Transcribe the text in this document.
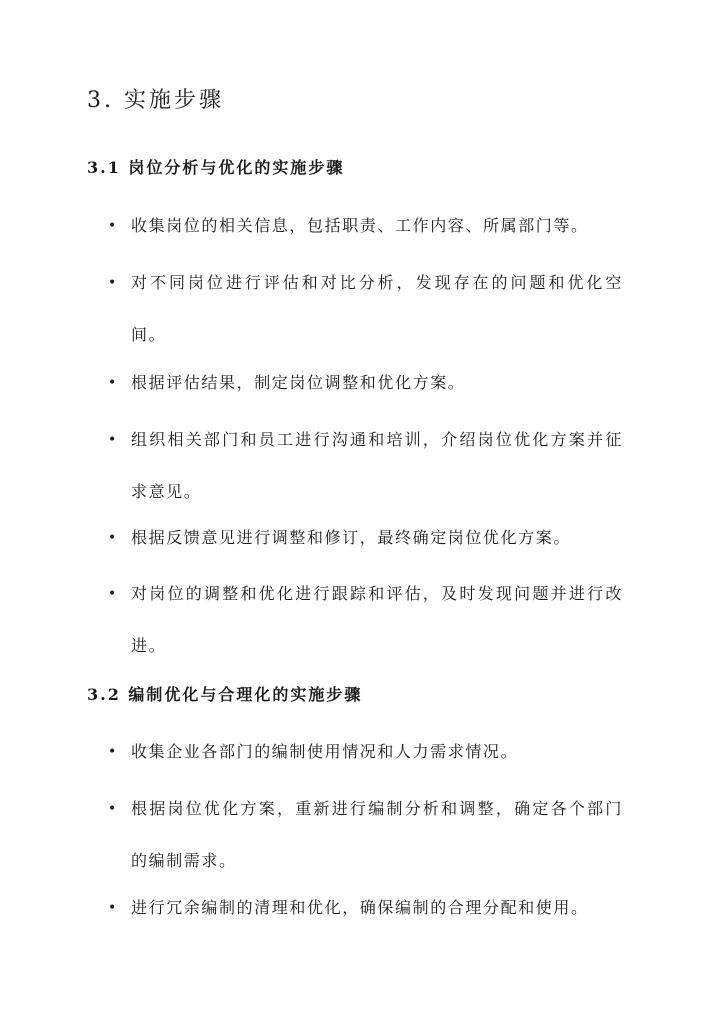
3. 实施步骤
3.1 岗位分析与优化的实施步骤
• 收集岗位的相关信息，包括职责、工作内容、所属部门等。
• 对不同岗位进行评估和对比分析，发现存在的问题和优化空间。
• 根据评估结果，制定岗位调整和优化方案。
• 组织相关部门和员工进行沟通和培训，介绍岗位优化方案并征求意见。
• 根据反馈意见进行调整和修订，最终确定岗位优化方案。
• 对岗位的调整和优化进行跟踪和评估，及时发现问题并进行改进。
3.2 编制优化与合理化的实施步骤
• 收集企业各部门的编制使用情况和人力需求情况。
• 根据岗位优化方案，重新进行编制分析和调整，确定各个部门的编制需求。
• 进行冗余编制的清理和优化，确保编制的合理分配和使用。
